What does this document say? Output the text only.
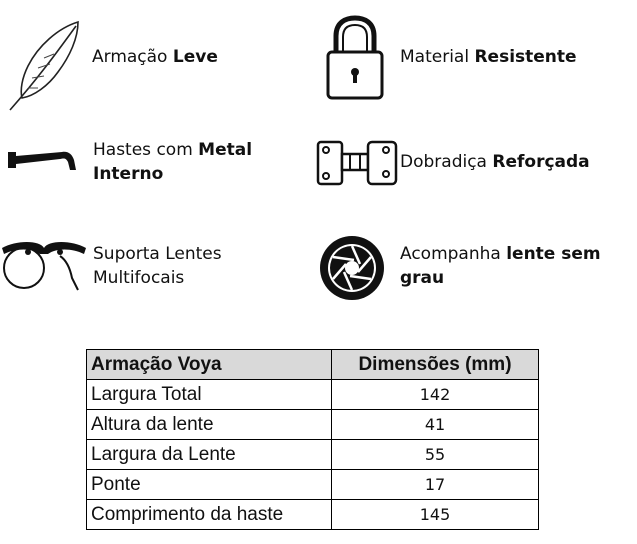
Armação Leve	Material Resistente
Hastes com Metal Interno
Dobradiça Reforçada
Suporta Lentes Multifocais
Acompanha lente sem grau
Armação Voya	Dimensões (mm)
Largura Total	142
Altura da lente	41
Largura da Lente	55
Ponte	17
Comprimento da haste	145
